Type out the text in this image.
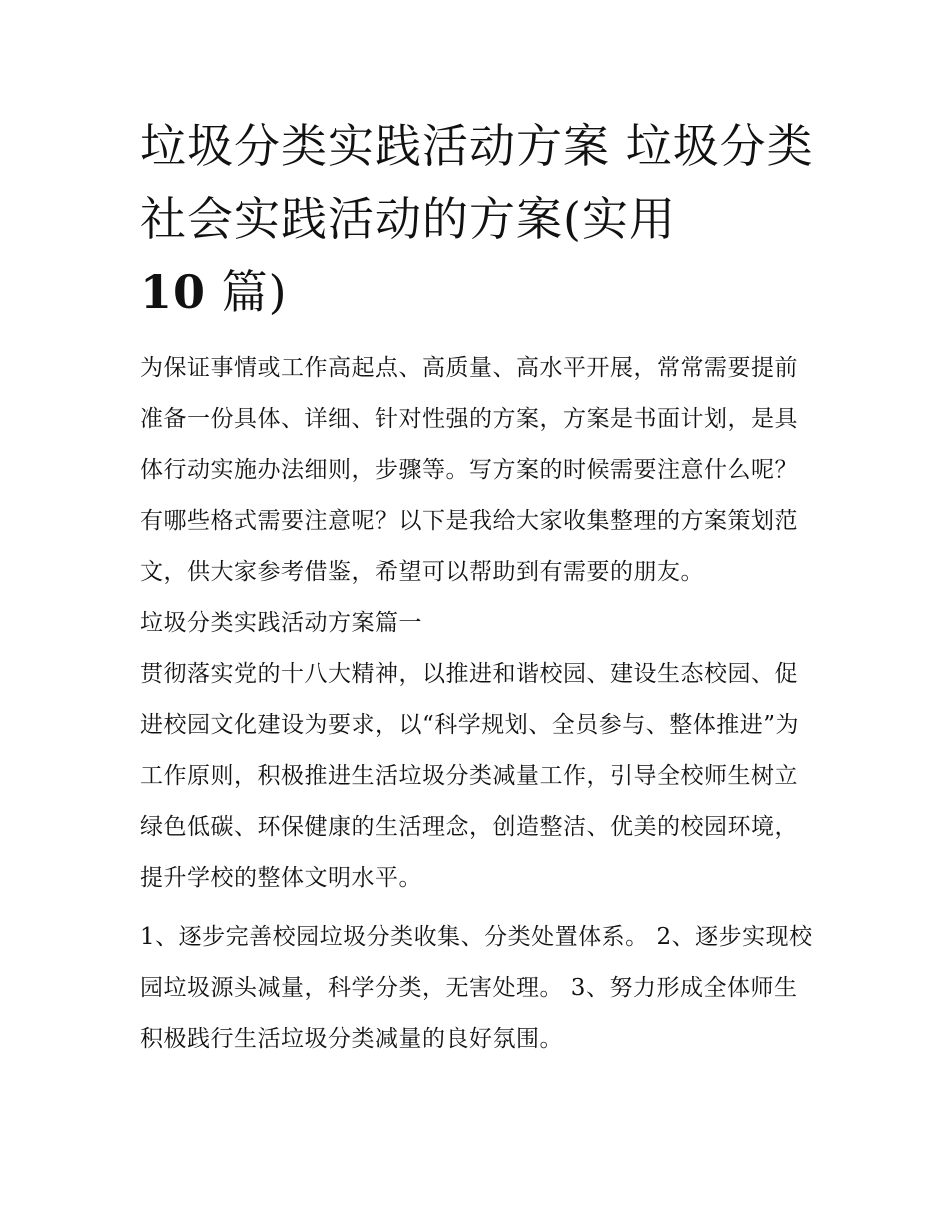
垃圾分类实践活动方案 垃圾分类社会实践活动的方案(实用
10 篇)

为保证事情或工作高起点、高质量、高水平开展，常常需要提前准备一份具体、详细、针对性强的方案，方案是书面计划，是具体行动实施办法细则，步骤等。写方案的时候需要注意什么呢？有哪些格式需要注意呢？以下是我给大家收集整理的方案策划范文，供大家参考借鉴，希望可以帮助到有需要的朋友。

垃圾分类实践活动方案篇一

贯彻落实党的十八大精神，以推进和谐校园、建设生态校园、促进校园文化建设为要求，以“科学规划、全员参与、整体推进”为工作原则，积极推进生活垃圾分类减量工作，引导全校师生树立绿色低碳、环保健康的生活理念，创造整洁、优美的校园环境，提升学校的整体文明水平。

1、逐步完善校园垃圾分类收集、分类处置体系。 2、逐步实现校园垃圾源头减量，科学分类，无害处理。 3、努力形成全体师生积极践行生活垃圾分类减量的良好氛围。
